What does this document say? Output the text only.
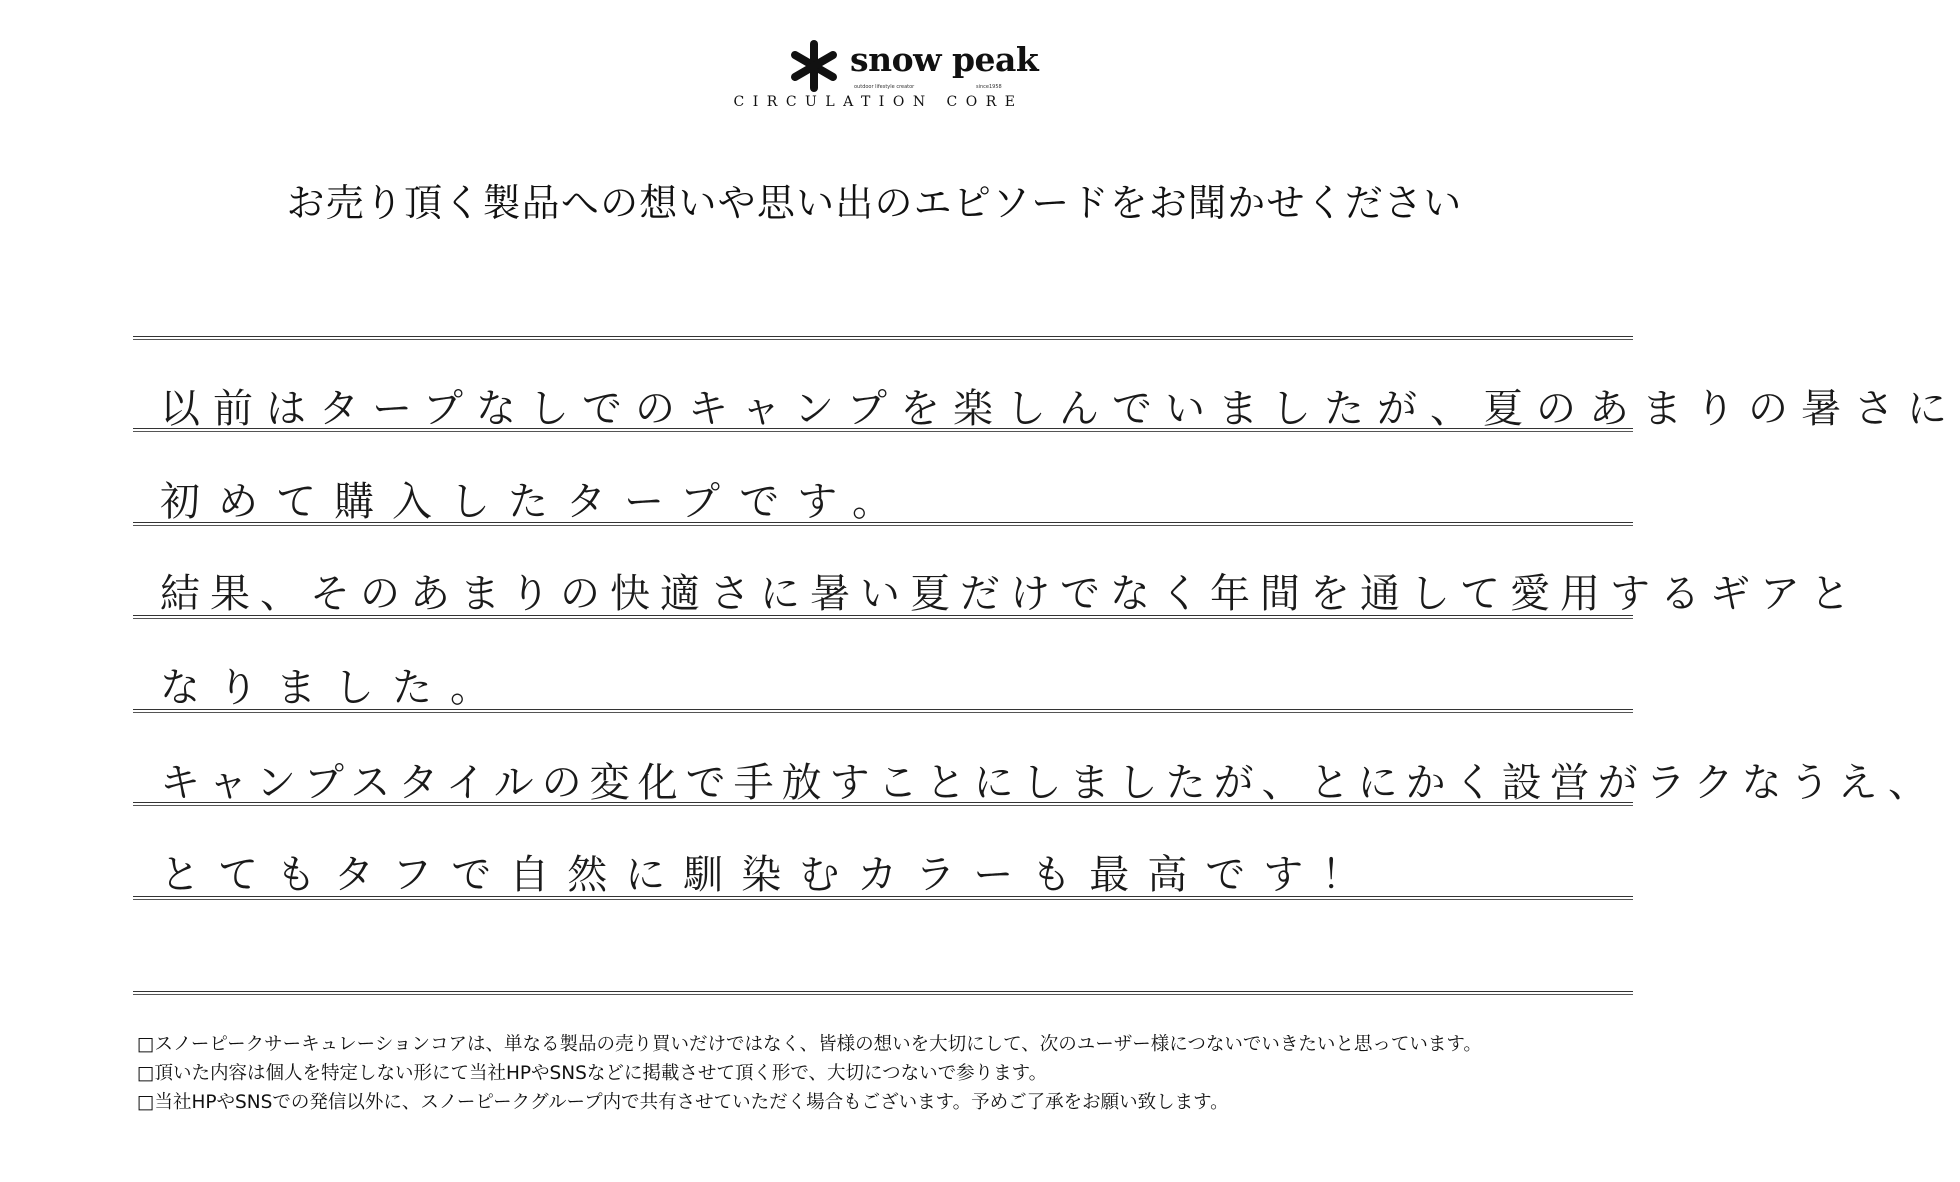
snow peak
outdoor lifestyle creator	since1958
CIRCULATION CORE
お売り頂く製品への想いや思い出のエピソードをお聞かせください
以前はタープなしでのキャンプを楽しんでいましたが、夏のあまりの暑さに
初めて購入したタープです。
結果、そのあまりの快適さに暑い夏だけでなく年間を通して愛用するギアと
なりました。
キャンプスタイルの変化で手放すことにしましたが、とにかく設営がラクなうえ、
とてもタフで自然に馴染むカラーも最高です！
□スノーピークサーキュレーションコアは、単なる製品の売り買いだけではなく、皆様の想いを大切にして、次のユーザー様につないでいきたいと思っています。
□頂いた内容は個人を特定しない形にて当社HPやSNSなどに掲載させて頂く形で、大切につないで参ります。
□当社HPやSNSでの発信以外に、スノーピークグループ内で共有させていただく場合もございます。予めご了承をお願い致します。
